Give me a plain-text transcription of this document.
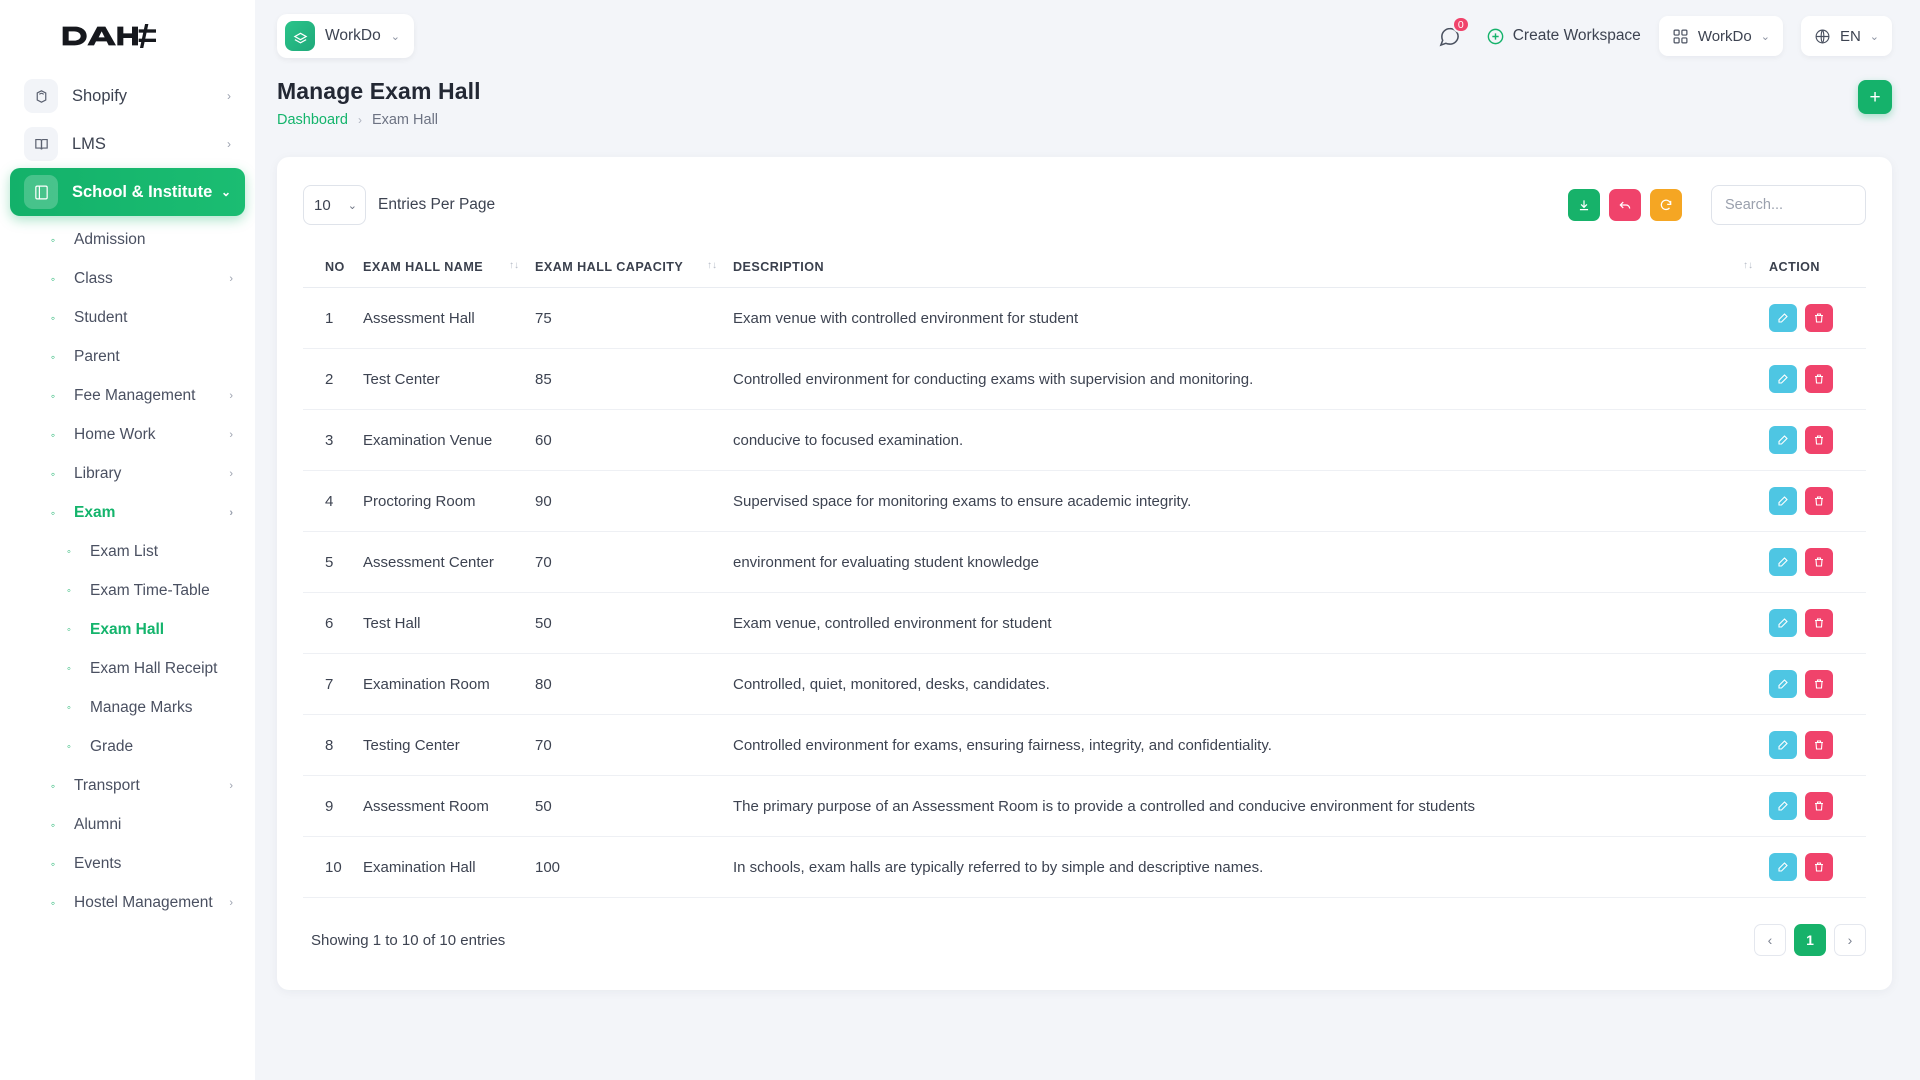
Shopify	›
LMS	›
School & Institute ⌄
◦	Admission
◦	Class	›
◦	Student
◦	Parent
◦	Fee Management	›
◦	Home Work	›
◦	Library	›
◦	Exam	›
◦	Exam List
◦	Exam Time-Table
◦	Exam Hall
◦	Exam Hall Receipt
◦	Manage Marks
◦	Grade
◦	Transport	›
◦	Alumni
◦	Events
◦	Hostel Management ›
WorkDo ⌄
0
Create Workspace	WorkDo ⌄	EN ⌄
Manage Exam Hall
Dashboard › Exam Hall
+
10
⌄ Entries Per Page
Search...
NO	EXAM HALL NAME ↑↓	EXAM HALL CAPACITY ↑↓	DESCRIPTION ↑↓	ACTION
1	Assessment Hall	75	Exam venue with controlled environment for student	

2	Test Center	85	Controlled environment for conducting exams with supervision and monitoring.	

3	Examination Venue	60	conducive to focused examination.	

4	Proctoring Room	90	Supervised space for monitoring exams to ensure academic integrity.	

5	Assessment Center	70	environment for evaluating student knowledge	

6	Test Hall	50	Exam venue, controlled environment for student	

7	Examination Room	80	Controlled, quiet, monitored, desks, candidates.	

8	Testing Center	70	Controlled environment for exams, ensuring fairness, integrity, and confidentiality.	

9	Assessment Room	50	The primary purpose of an Assessment Room is to provide a controlled and conducive environment for students	

10	Examination Hall	100	In schools, exam halls are typically referred to by simple and descriptive names.	
Showing 1 to 10 of 10 entries	‹	1	›
